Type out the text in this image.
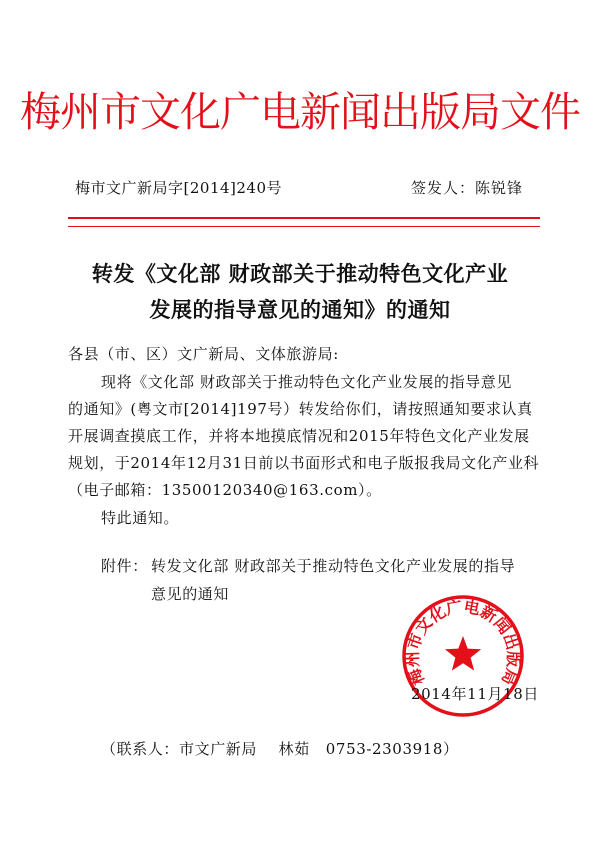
梅州市文化广电新闻出版局文件
梅市文广新局字[2014]240号	签发人：陈锐锋
转发《文化部 财政部关于推动特色文化产业
发展的指导意见的通知》的通知
各县（市、区）文广新局、文体旅游局:
现将《文化部 财政部关于推动特色文化产业发展的指导意见
的通知》(粤文市[2014]197号）转发给你们，请按照通知要求认真
开展调查摸底工作，并将本地摸底情况和2015年特色文化产业发展
规划，于2014年12月31日前以书面形式和电子版报我局文化产业科
（电子邮箱：13500120340@163.com）。
特此通知。
附件： 转发文化部 财政部关于推动特色文化产业发展的指导
意见的通知
梅州市文化广电新闻出版局
2014年11月18日
（联系人：市文广新局    林茹   0753-2303918）
